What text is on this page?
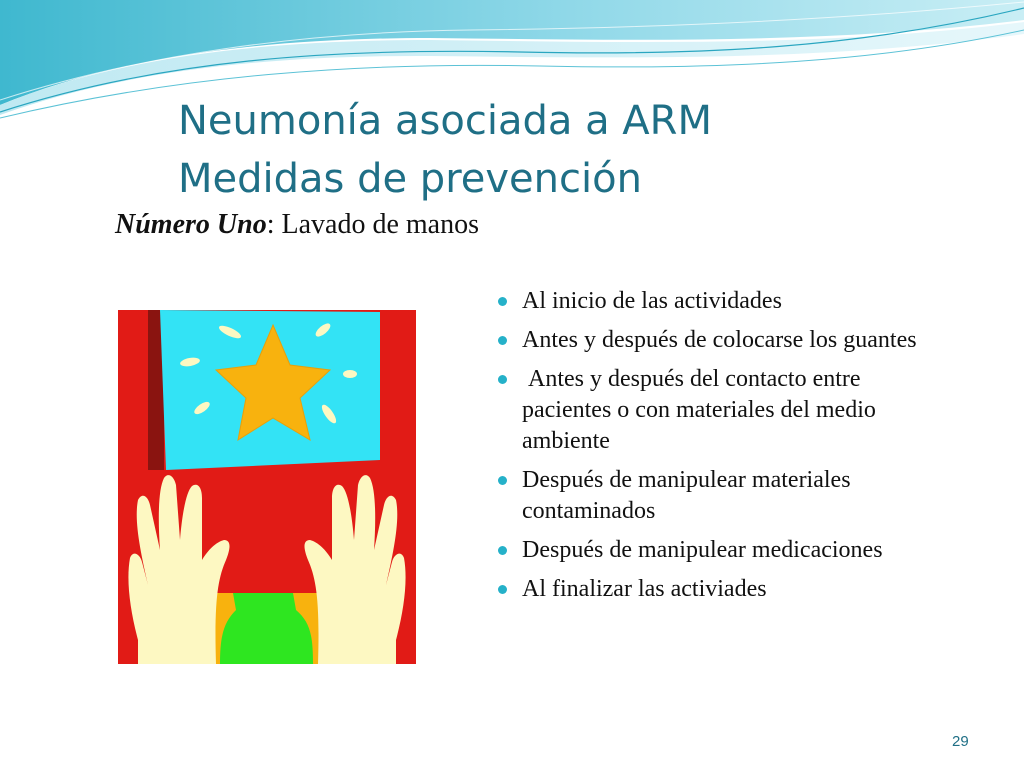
Neumonía asociada a ARM
Medidas de prevención
Número Uno: Lavado de manos
Al inicio de las actividades
Antes y después de colocarse los guantes
Antes y después del contacto entre pacientes o con materiales del medio ambiente
Después de manipulear materiales contaminados
Después de manipulear medicaciones
Al finalizar las activiades
29
